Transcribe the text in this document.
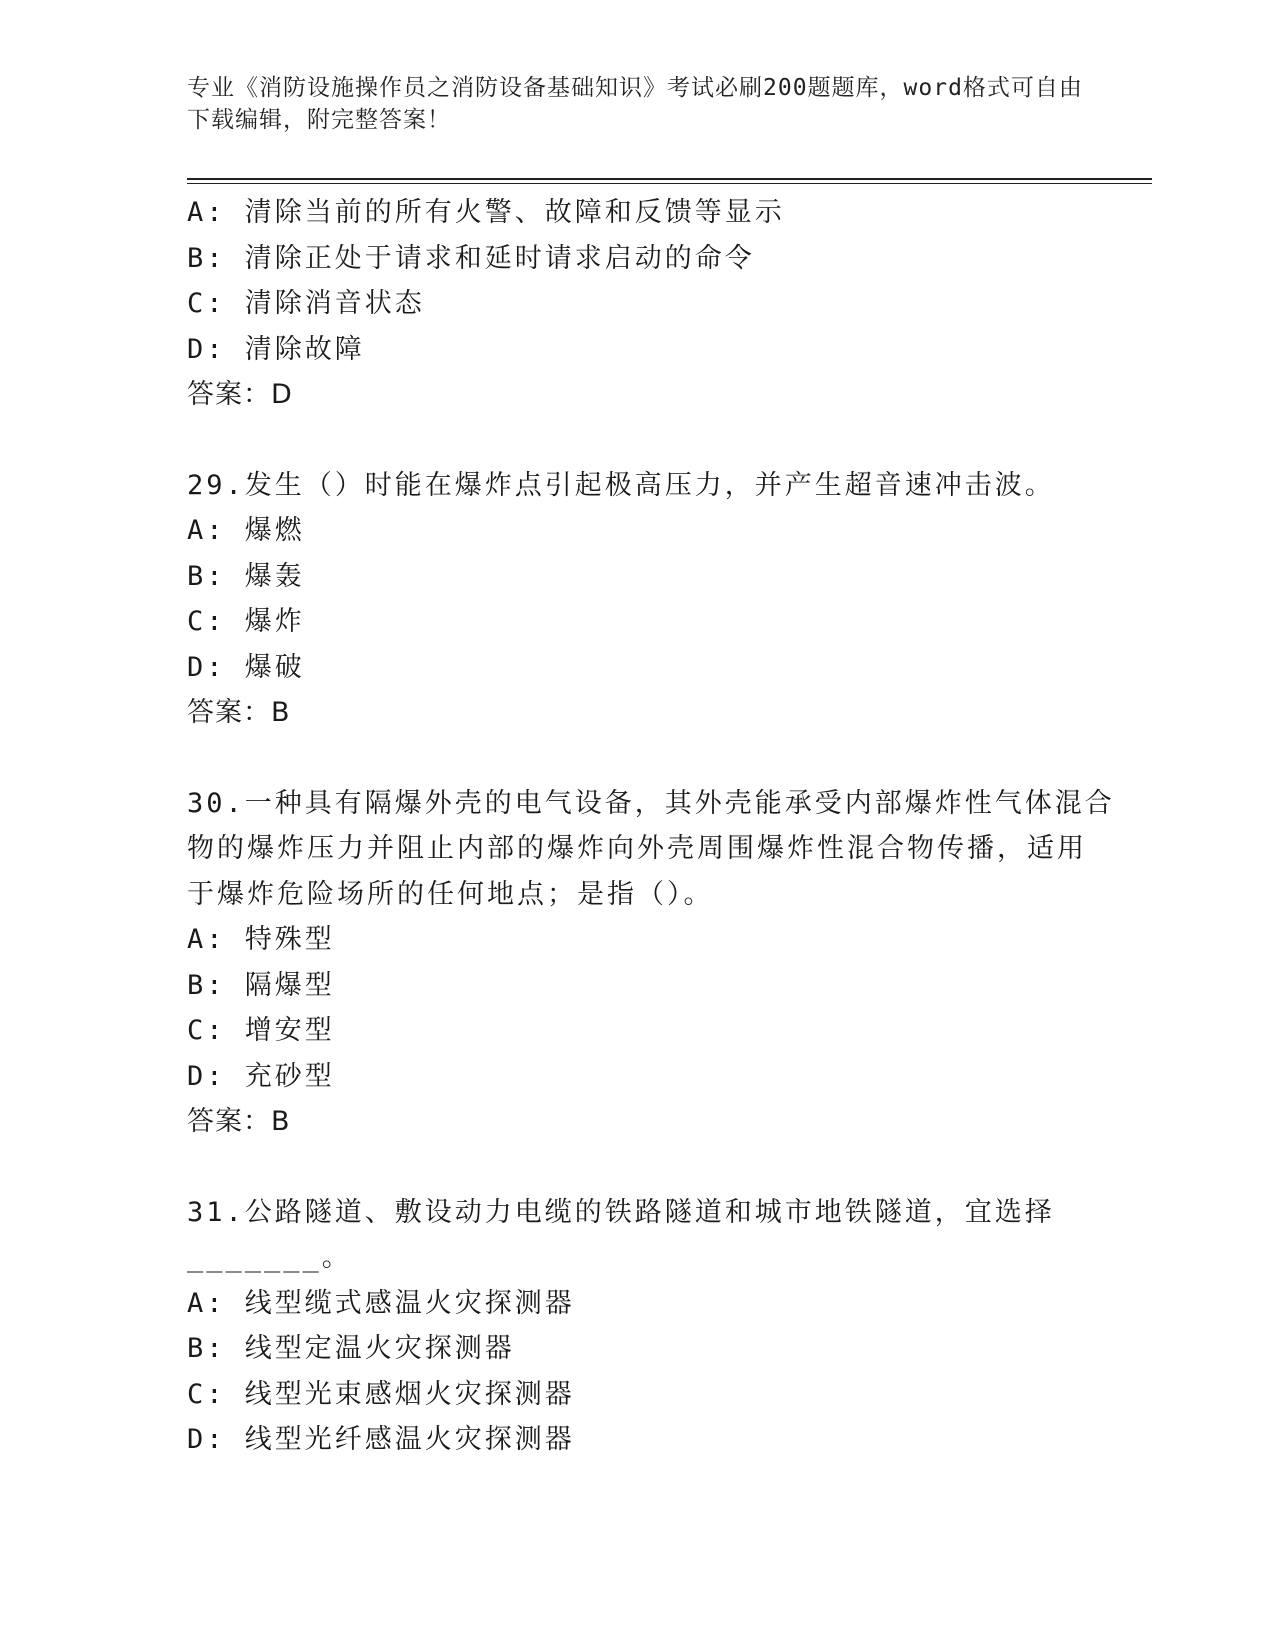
专业《消防设施操作员之消防设备基础知识》考试必刷200题题库，word格式可自由下载编辑，附完整答案！
A: 清除当前的所有火警、故障和反馈等显示
B: 清除正处于请求和延时请求启动的命令
C: 清除消音状态
D: 清除故障
答案：D
29.发生（）时能在爆炸点引起极高压力，并产生超音速冲击波。
A: 爆燃
B: 爆轰
C: 爆炸
D: 爆破
答案：B
30.一种具有隔爆外壳的电气设备，其外壳能承受内部爆炸性气体混合
物的爆炸压力并阻止内部的爆炸向外壳周围爆炸性混合物传播，适用
于爆炸危险场所的任何地点；是指（）。
A: 特殊型
B: 隔爆型
C: 增安型
D: 充砂型
答案：B
31.公路隧道、敷设动力电缆的铁路隧道和城市地铁隧道，宜选择
_______。
A: 线型缆式感温火灾探测器
B: 线型定温火灾探测器
C: 线型光束感烟火灾探测器
D: 线型光纤感温火灾探测器
